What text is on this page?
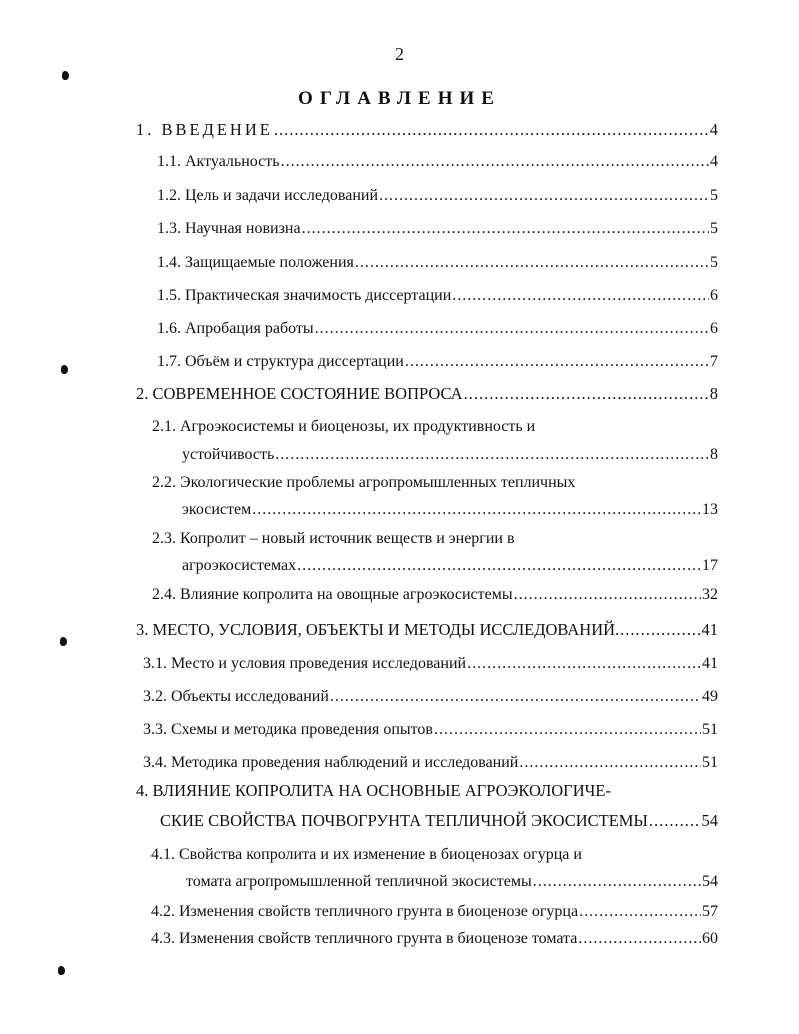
2
ОГЛАВЛЕНИЕ
1. ВВЕДЕНИЕ .....	4
1.1. Актуальность .....	4
1.2. Цель и задачи исследований .....	5
1.3. Научная новизна .....	5
1.4. Защищаемые положения .....	5
1.5. Практическая значимость диссертации .....	6
1.6. Апробация работы .....	6
1.7. Объём и структура диссертации .....	7
2. СОВРЕМЕННОЕ СОСТОЯНИЕ ВОПРОСА .....	8
2.1. Агроэкосистемы и биоценозы, их продуктивность и
устойчивость .....	8
2.2. Экологические проблемы агропромышленных тепличных
экосистем .....	13
2.3. Копролит – новый источник веществ и энергии в
агроэкосистемах .....	17
2.4. Влияние копролита на овощные агроэкосистемы .....	32
3. МЕСТО, УСЛОВИЯ, ОБЪЕКТЫ И МЕТОДЫ ИССЛЕДОВАНИЙ. .....	41
3.1. Место и условия проведения исследований .....	41
3.2. Объекты исследований .....	49
3.3. Схемы и методика проведения опытов .....	51
3.4. Методика проведения наблюдений и исследований .....	51
4. ВЛИЯНИЕ КОПРОЛИТА НА ОСНОВНЫЕ АГРОЭКОЛОГИЧЕ-
СКИЕ СВОЙСТВА ПОЧВОГРУНТА ТЕПЛИЧНОЙ ЭКОСИСТЕМЫ .....	54
4.1. Свойства копролита и их изменение в биоценозах огурца и
томата агропромышленной тепличной экосистемы .....	54
4.2. Изменения свойств тепличного грунта в биоценозе огурца .....	57
4.3. Изменения свойств тепличного грунта в биоценозе томата .....	60
